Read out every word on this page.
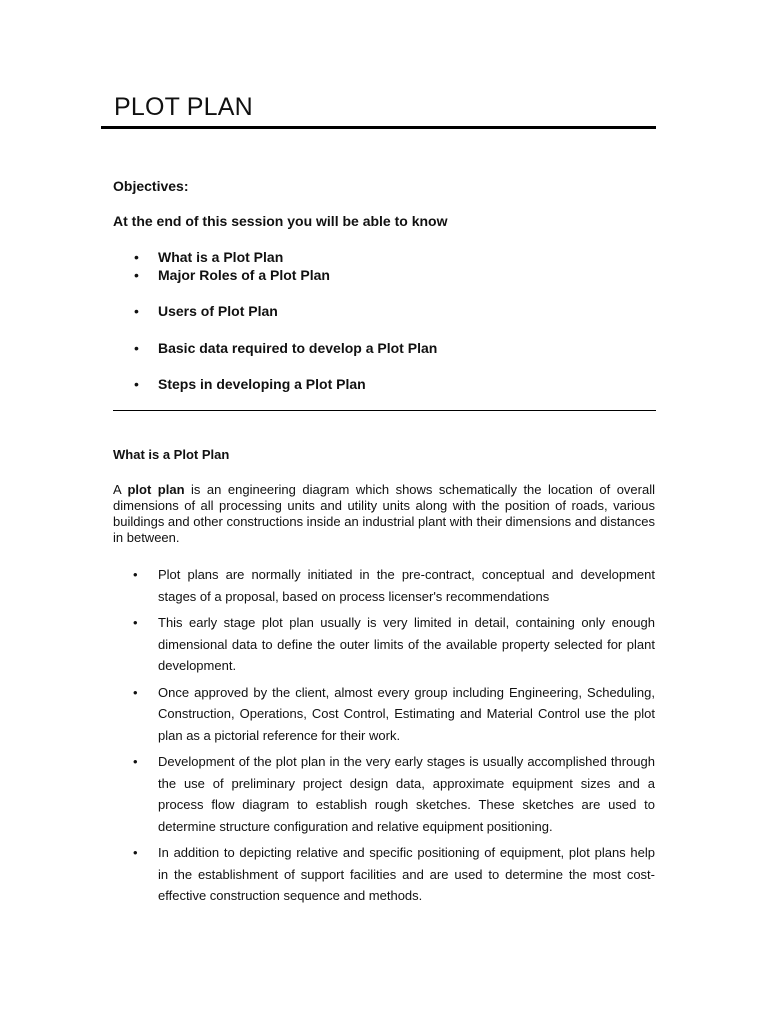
PLOT PLAN

Objectives:

At the end of this session you will be able to know

• What is a Plot Plan

• Major Roles of a Plot Plan

• Users of Plot Plan

• Basic data required to develop a Plot Plan

• Steps in developing a Plot Plan

What is a Plot Plan

A plot plan is an engineering diagram which shows schematically the location of overall dimensions of all processing units and utility units along with the position of roads, various buildings and other constructions inside an industrial plant with their dimensions and distances in between.

• Plot plans are normally initiated in the pre-contract, conceptual and development stages of a proposal, based on process licenser's recommendations
• This early stage plot plan usually is very limited in detail, containing only enough dimensional data to define the outer limits of the available property selected for plant development.
• Once approved by the client, almost every group including Engineering, Scheduling, Construction, Operations, Cost Control, Estimating and Material Control use the plot plan as a pictorial reference for their work.
• Development of the plot plan in the very early stages is usually accomplished through the use of preliminary project design data, approximate equipment sizes and a process flow diagram to establish rough sketches. These sketches are used to determine structure configuration and relative equipment positioning.
• In addition to depicting relative and specific positioning of equipment, plot plans help in the establishment of support facilities and are used to determine the most cost-effective construction sequence and methods.
